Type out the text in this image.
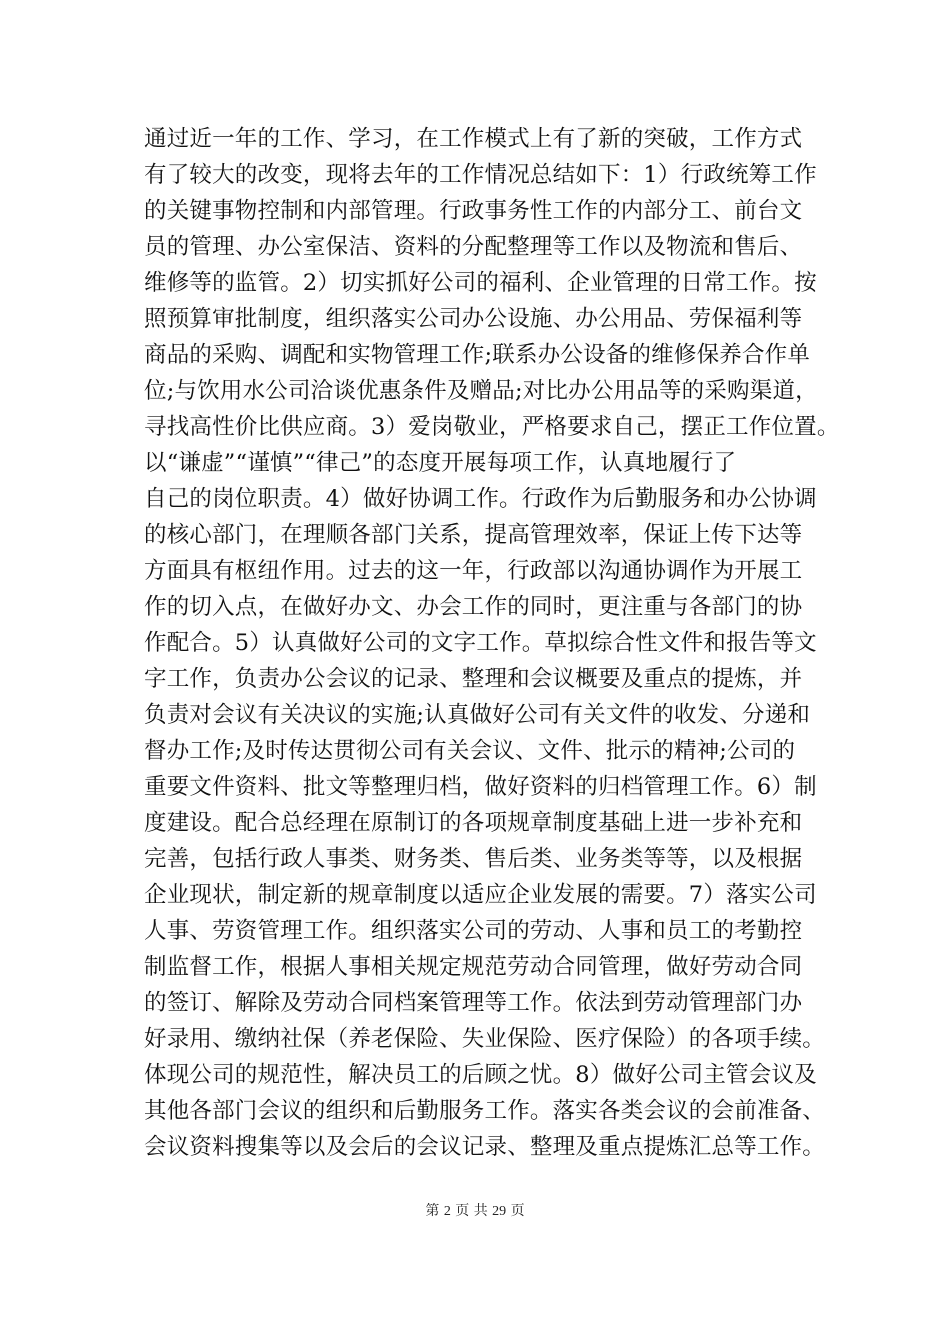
通过近一年的工作、学习，在工作模式上有了新的突破，工作方式
有了较大的改变，现将去年的工作情况总结如下：1）行政统筹工作
的关键事物控制和内部管理。行政事务性工作的内部分工、前台文
员的管理、办公室保洁、资料的分配整理等工作以及物流和售后、
维修等的监管。2）切实抓好公司的福利、企业管理的日常工作。按
照预算审批制度，组织落实公司办公设施、办公用品、劳保福利等
商品的采购、调配和实物管理工作;联系办公设备的维修保养合作单
位;与饮用水公司洽谈优惠条件及赠品;对比办公用品等的采购渠道，
寻找高性价比供应商。3）爱岗敬业，严格要求自己，摆正工作位置。
以“谦虚”“谨慎”“律己”的态度开展每项工作，认真地履行了
自己的岗位职责。4）做好协调工作。行政作为后勤服务和办公协调
的核心部门，在理顺各部门关系，提高管理效率，保证上传下达等
方面具有枢纽作用。过去的这一年，行政部以沟通协调作为开展工
作的切入点，在做好办文、办会工作的同时，更注重与各部门的协
作配合。5）认真做好公司的文字工作。草拟综合性文件和报告等文
字工作，负责办公会议的记录、整理和会议概要及重点的提炼，并
负责对会议有关决议的实施;认真做好公司有关文件的收发、分递和
督办工作;及时传达贯彻公司有关会议、文件、批示的精神;公司的
重要文件资料、批文等整理归档，做好资料的归档管理工作。6）制
度建设。配合总经理在原制订的各项规章制度基础上进一步补充和
完善，包括行政人事类、财务类、售后类、业务类等等，以及根据
企业现状，制定新的规章制度以适应企业发展的需要。7）落实公司
人事、劳资管理工作。组织落实公司的劳动、人事和员工的考勤控
制监督工作，根据人事相关规定规范劳动合同管理，做好劳动合同
的签订、解除及劳动合同档案管理等工作。依法到劳动管理部门办
好录用、缴纳社保（养老保险、失业保险、医疗保险）的各项手续。
体现公司的规范性，解决员工的后顾之忧。8）做好公司主管会议及
其他各部门会议的组织和后勤服务工作。落实各类会议的会前准备、
会议资料搜集等以及会后的会议记录、整理及重点提炼汇总等工作。
第 2 页 共 29 页
